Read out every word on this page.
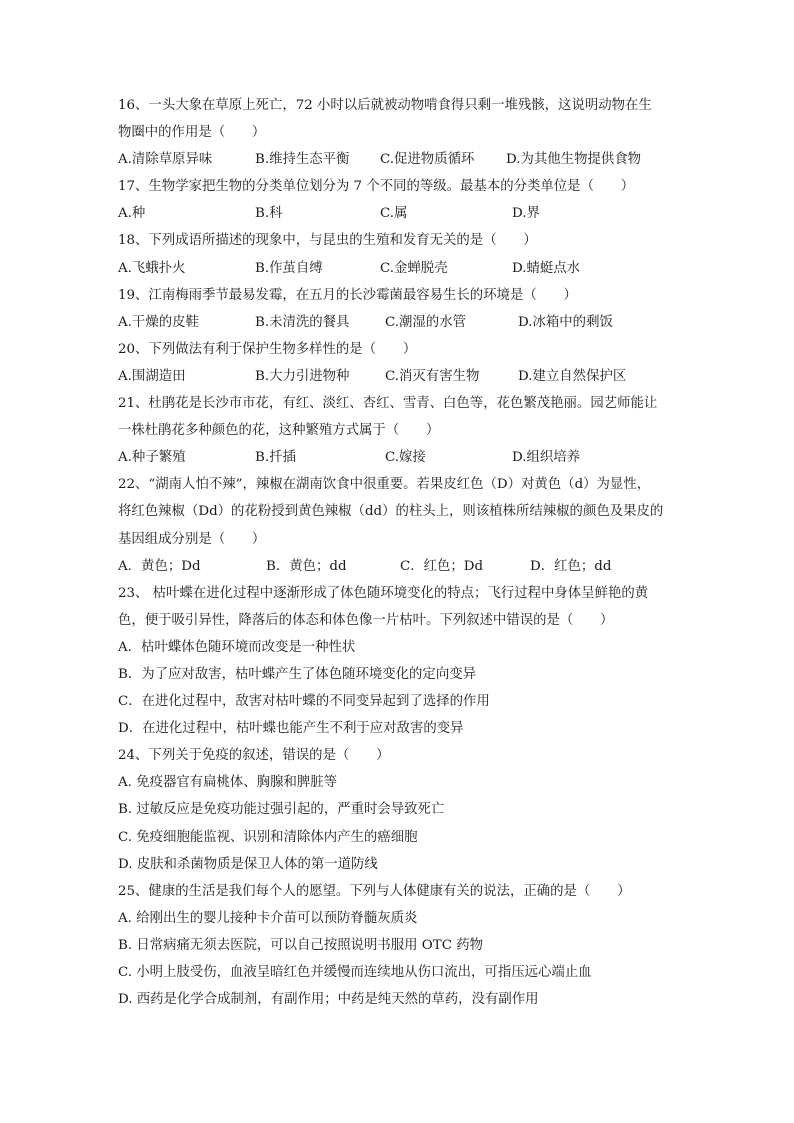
16、一头大象在草原上死亡，72 小时以后就被动物啃食得只剩一堆残骸，这说明动物在生
物圈中的作用是（　　）
A.清除草原异味	B.维持生态平衡 C.促进物质循环 D.为其他生物提供食物
17、生物学家把生物的分类单位划分为 7 个不同的等级。最基本的分类单位是（　　）
A.种	B.科	C.属	D.界
18、下列成语所描述的现象中，与昆虫的生殖和发育无关的是（　　）
A.飞蛾扑火	B.作茧自缚	C.金蝉脱壳	D.蜻蜓点水
19、江南梅雨季节最易发霉，在五月的长沙霉菌最容易生长的环境是（　　）
A.干燥的皮鞋	B.未清洗的餐具	C.潮湿的水管	D.冰箱中的剩饭
20、下列做法有利于保护生物多样性的是（　　）
A.围湖造田	B.大力引进物种	C.消灭有害生物	D.建立自然保护区
21、杜鹃花是长沙市市花，有红、淡红、杏红、雪青、白色等，花色繁茂艳丽。园艺师能让
一株杜鹃花多种颜色的花，这种繁殖方式属于（　　）
A.种子繁殖	B.扦插	C.嫁接	D.组织培养
22、“湖南人怕不辣”，辣椒在湖南饮食中很重要。若果皮红色（D）对黄色（d）为显性，
将红色辣椒（Dd）的花粉授到黄色辣椒（dd）的柱头上，则该植株所结辣椒的颜色及果皮的
基因组成分别是（　　）
A．黄色；Dd	B．黄色；dd	C．红色；Dd	D．红色；dd
23、 枯叶蝶在进化过程中逐渐形成了体色随环境变化的特点；飞行过程中身体呈鲜艳的黄
色，便于吸引异性，降落后的体态和体色像一片枯叶。下列叙述中错误的是（　　）
A．枯叶蝶体色随环境而改变是一种性状
B．为了应对敌害，枯叶蝶产生了体色随环境变化的定向变异
C．在进化过程中，敌害对枯叶蝶的不同变异起到了选择的作用
D．在进化过程中，枯叶蝶也能产生不利于应对敌害的变异
24、下列关于免疫的叙述，错误的是（　　）
A. 免疫器官有扁桃体、胸腺和脾脏等
B. 过敏反应是免疫功能过强引起的，严重时会导致死亡
C. 免疫细胞能监视、识别和清除体内产生的癌细胞
D. 皮肤和杀菌物质是保卫人体的第一道防线
25、健康的生活是我们每个人的愿望。下列与人体健康有关的说法，正确的是（　　）
A. 给刚出生的婴儿接种卡介苗可以预防脊髓灰质炎
B. 日常病痛无须去医院，可以自己按照说明书服用 OTC 药物
C. 小明上肢受伤，血液呈暗红色并缓慢而连续地从伤口流出，可指压远心端止血
D. 西药是化学合成制剂，有副作用；中药是纯天然的草药，没有副作用
